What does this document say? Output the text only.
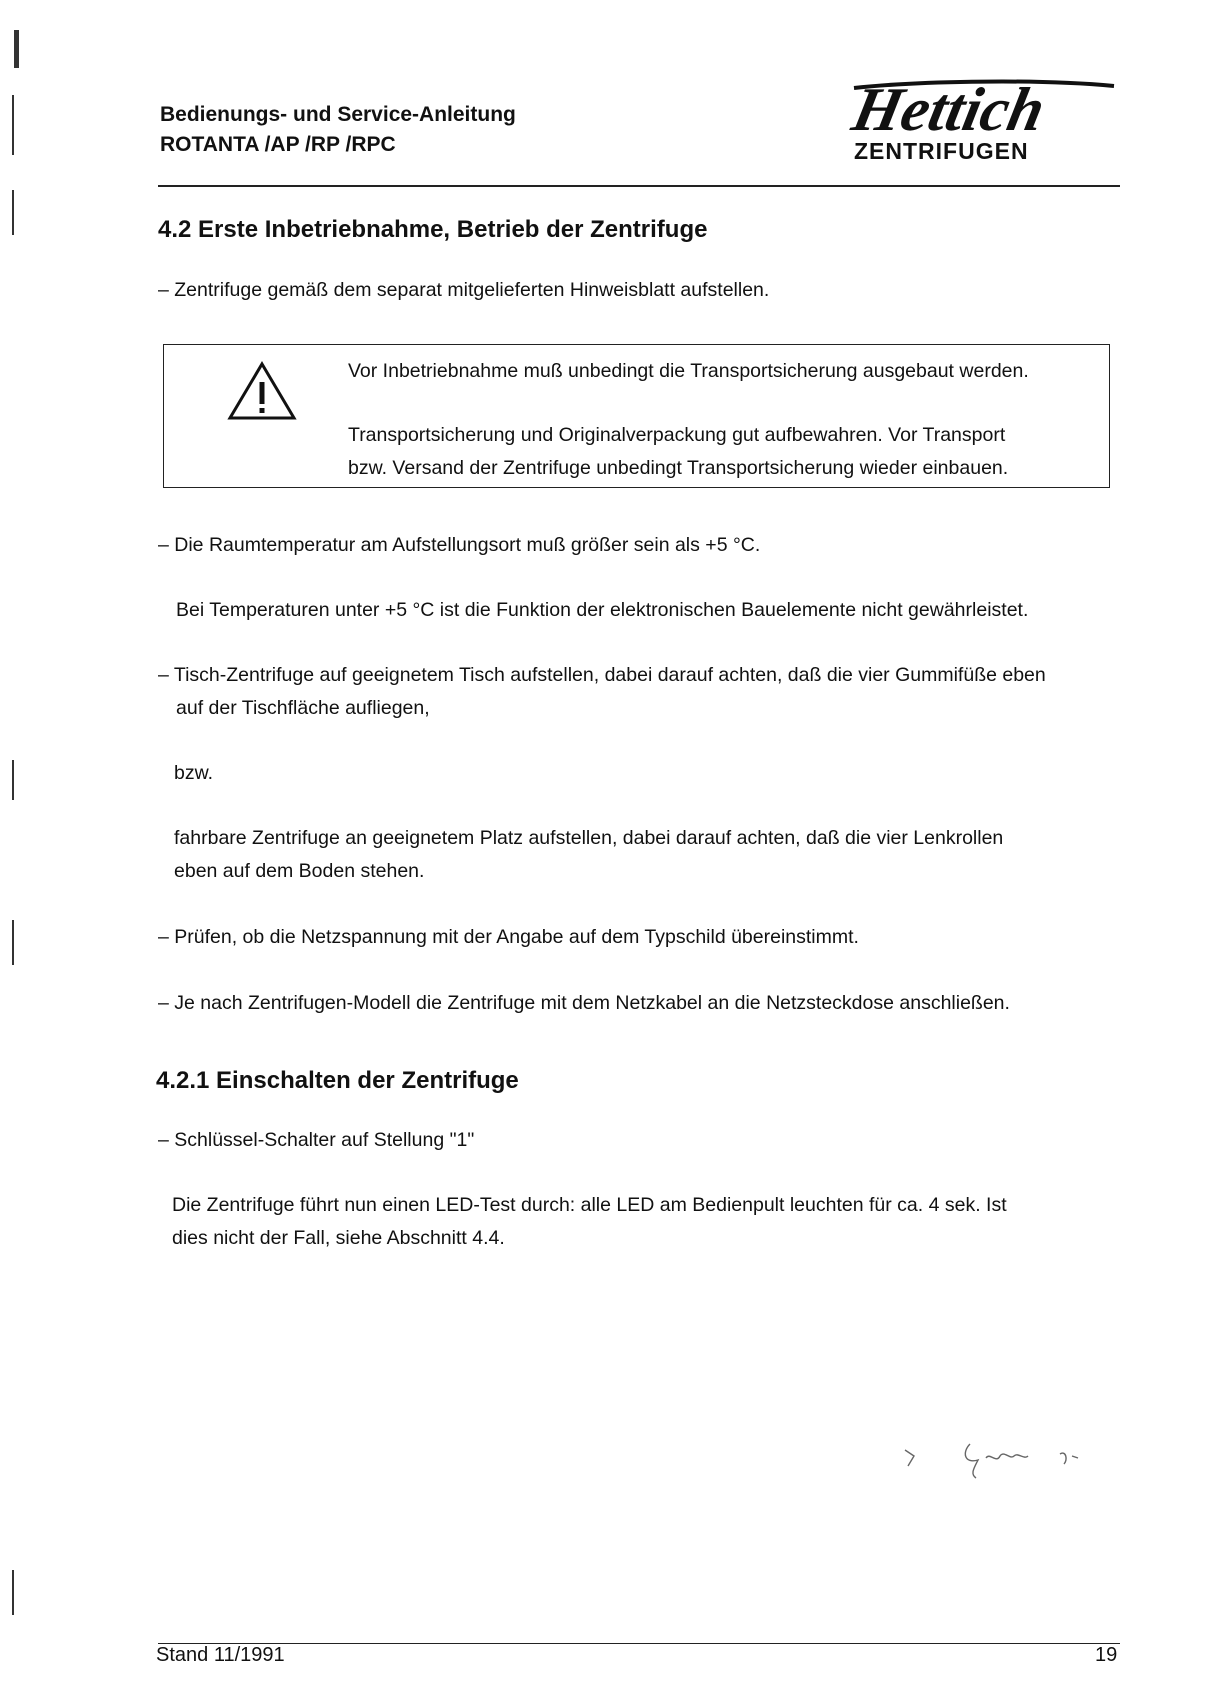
Bedienungs- und Service-Anleitung
ROTANTA /AP /RP /RPC
Hettich
ZENTRIFUGEN
4.2 Erste Inbetriebnahme, Betrieb der Zentrifuge
– Zentrifuge gemäß dem separat mitgelieferten Hinweisblatt aufstellen.
Vor Inbetriebnahme muß unbedingt die Transportsicherung ausgebaut werden.
Transportsicherung und Originalverpackung gut aufbewahren. Vor Transport
bzw. Versand der Zentrifuge unbedingt Transportsicherung wieder einbauen.
– Die Raumtemperatur am Aufstellungsort muß größer sein als +5 °C.
Bei Temperaturen unter +5 °C ist die Funktion der elektronischen Bauelemente nicht gewährleistet.
– Tisch-Zentrifuge auf geeignetem Tisch aufstellen, dabei darauf achten, daß die vier Gummifüße eben
auf der Tischfläche aufliegen,
bzw.
fahrbare Zentrifuge an geeignetem Platz aufstellen, dabei darauf achten, daß die vier Lenkrollen
eben auf dem Boden stehen.
– Prüfen, ob die Netzspannung mit der Angabe auf dem Typschild übereinstimmt.
– Je nach Zentrifugen-Modell die Zentrifuge mit dem Netzkabel an die Netzsteckdose anschließen.
4.2.1 Einschalten der Zentrifuge
– Schlüssel-Schalter auf Stellung "1"
Die Zentrifuge führt nun einen LED-Test durch: alle LED am Bedienpult leuchten für ca. 4 sek. Ist
dies nicht der Fall, siehe Abschnitt 4.4.
Stand 11/1991	19
